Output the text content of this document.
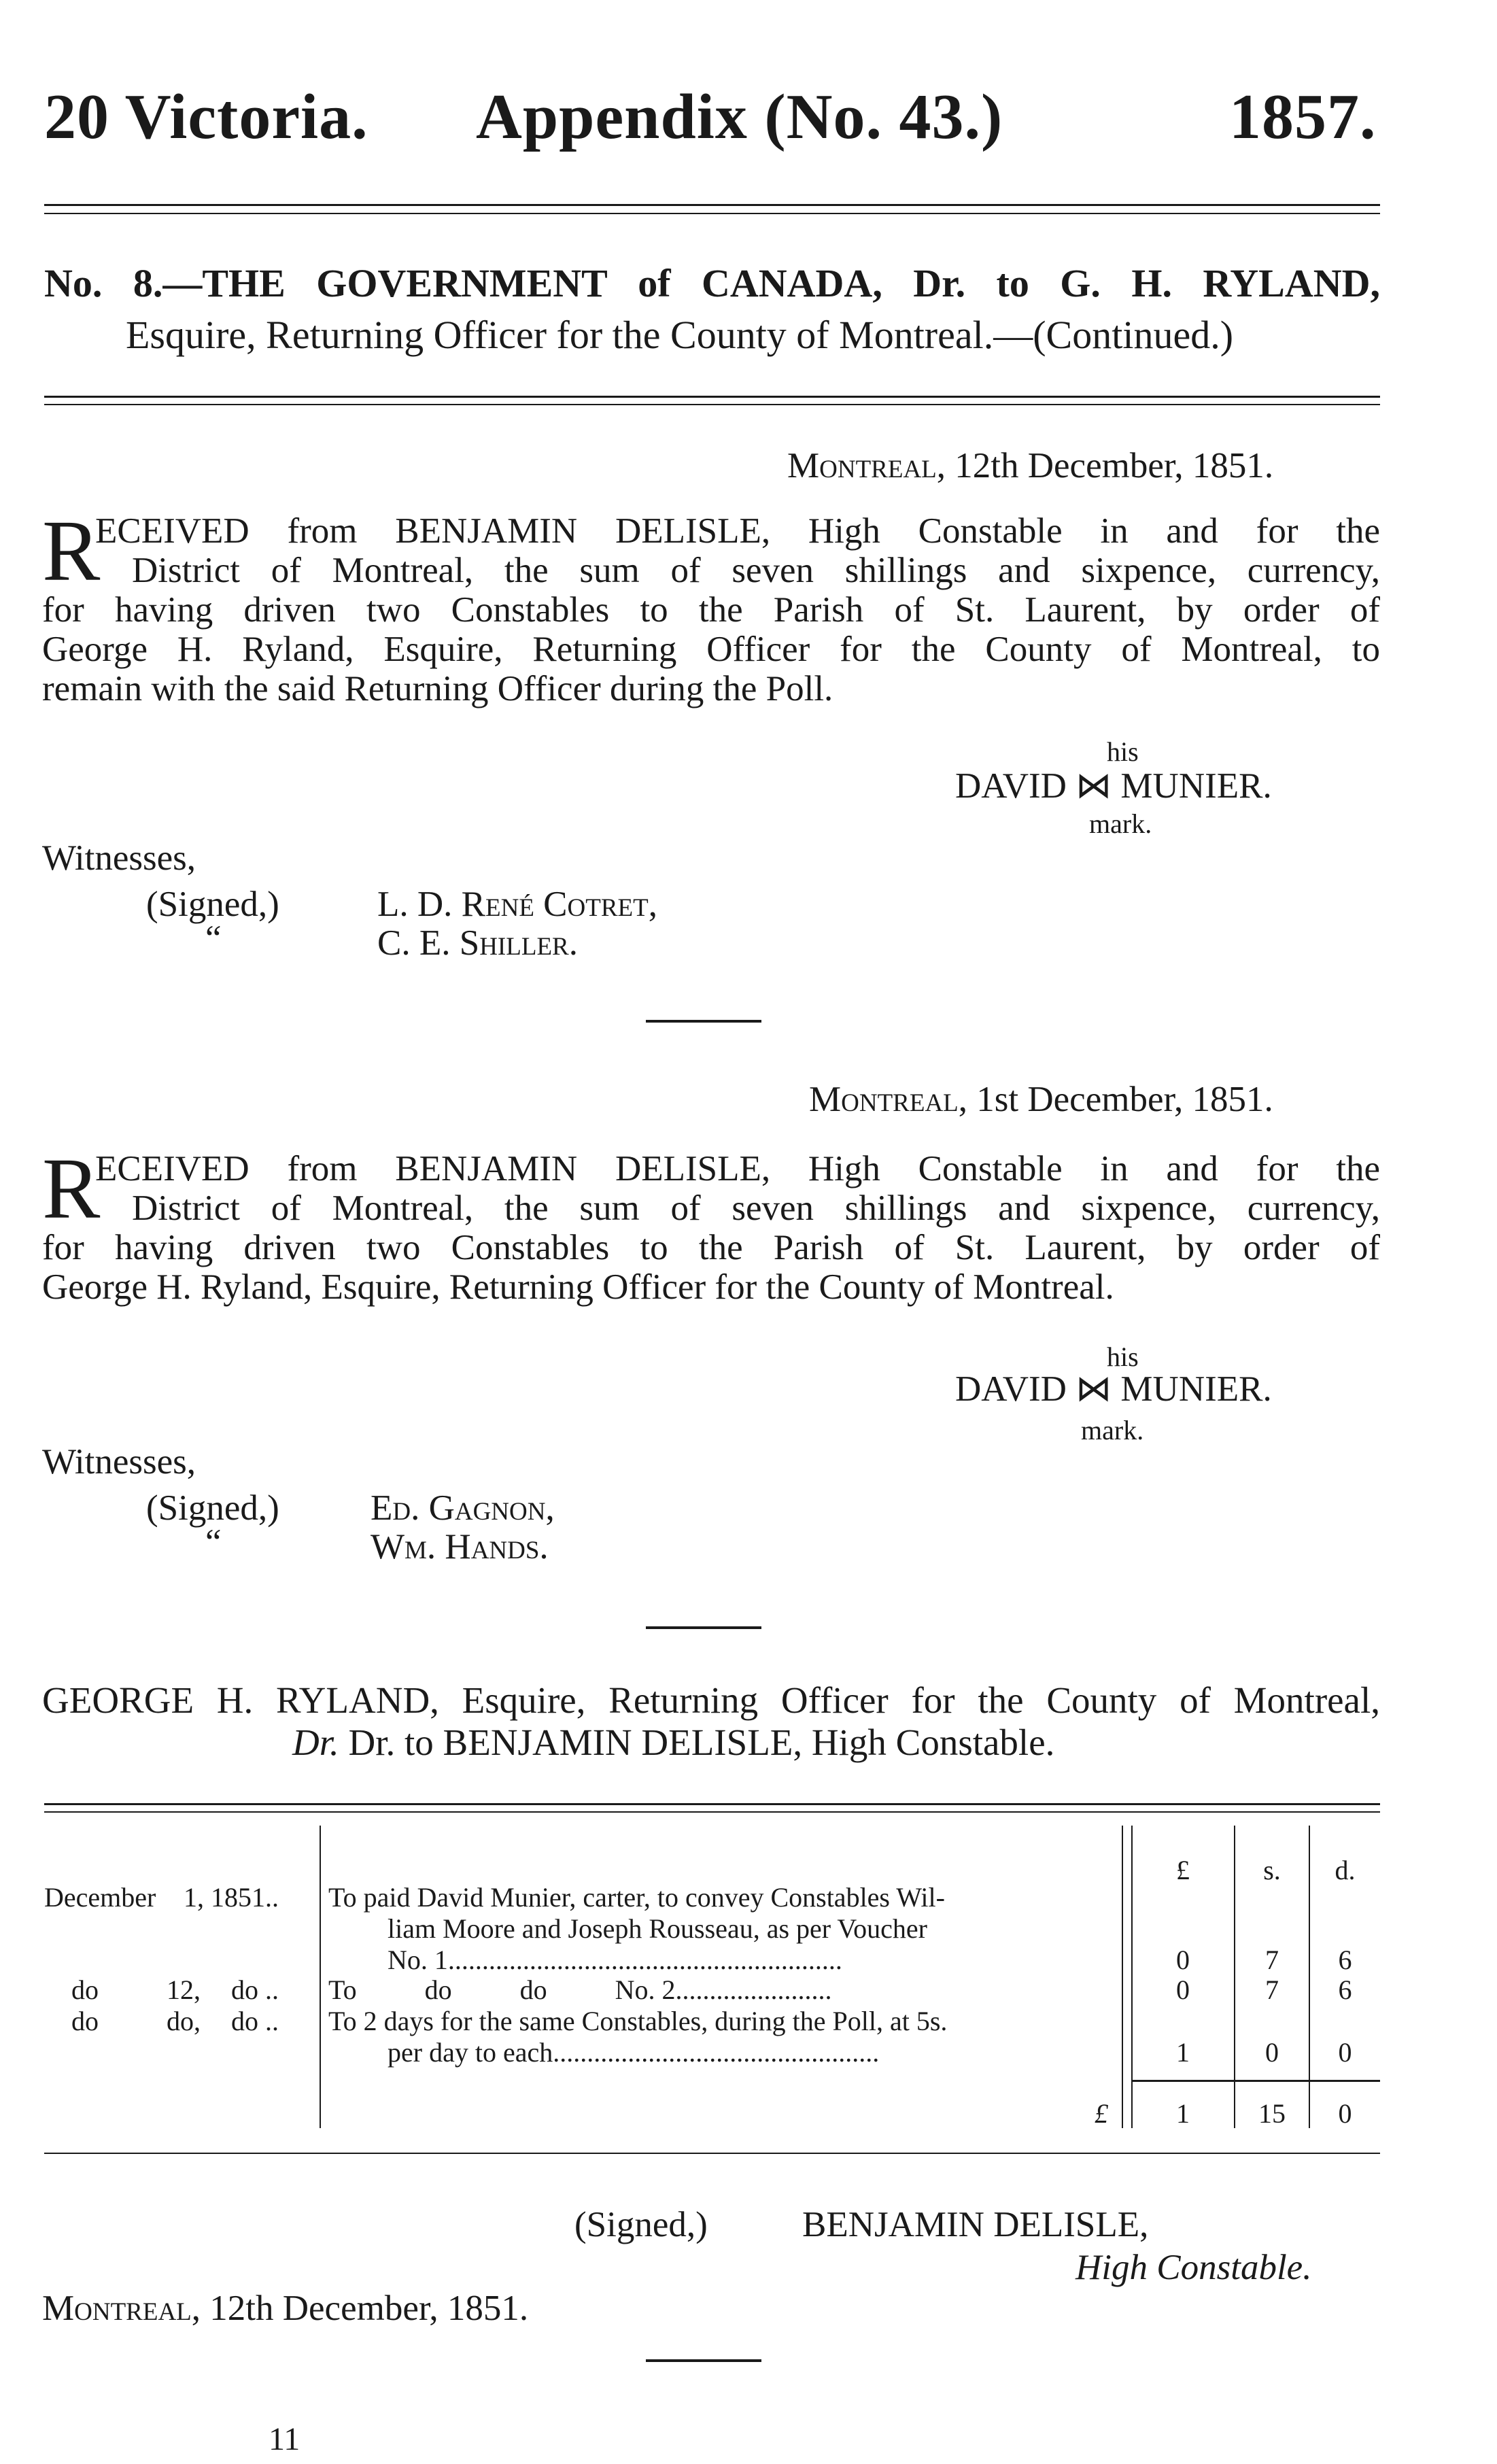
20 Victoria. Appendix (No. 43.)	1857.
No. 8.—THE GOVERNMENT of CANADA, Dr. to G. H. RYLAND,
Esquire, Returning Officer for the County of Montreal.—(Continued.)
Montreal, 12th December, 1851.
R
ECEIVED from BENJAMIN DELISLE, High Constable in and for the
District of Montreal, the sum of seven shillings and sixpence, currency,
for having driven two Constables to the Parish of St. Laurent, by order of
George H. Ryland, Esquire, Returning Officer for the County of Montreal, to
remain with the said Returning Officer during the Poll.
his
DAVID ⋈ MUNIER.
mark.
Witnesses,
(Signed,)
“
L. D. René Cotret,
C. E. Shiller.
Montreal, 1st December, 1851.
R
ECEIVED from BENJAMIN DELISLE, High Constable in and for the
District of Montreal, the sum of seven shillings and sixpence, currency,
for having driven two Constables to the Parish of St. Laurent, by order of
George H. Ryland, Esquire, Returning Officer for the County of Montreal.
his
DAVID ⋈ MUNIER.
mark.
Witnesses,
(Signed,)
“
Ed. Gagnon,
Wm. Hands.
GEORGE H. RYLAND, Esquire, Returning Officer for the County of Montreal,
Dr. Dr. to BENJAMIN DELISLE, High Constable.
£	s.	d.
December 1, 1851.. To paid David Munier, carter, to convey Constables Wil-
liam Moore and Joseph Rousseau, as per Voucher
No. 1..........................................................	0	7	6
do	12, do .. To          do          do          No. 2.......................	0	7	6
do	do, do .. To 2 days for the same Constables, during the Poll, at 5s.
per day to each................................................	1	0	0
£	1	15	0
(Signed,)	BENJAMIN DELISLE,
High Constable.
Montreal, 12th December, 1851.
11
